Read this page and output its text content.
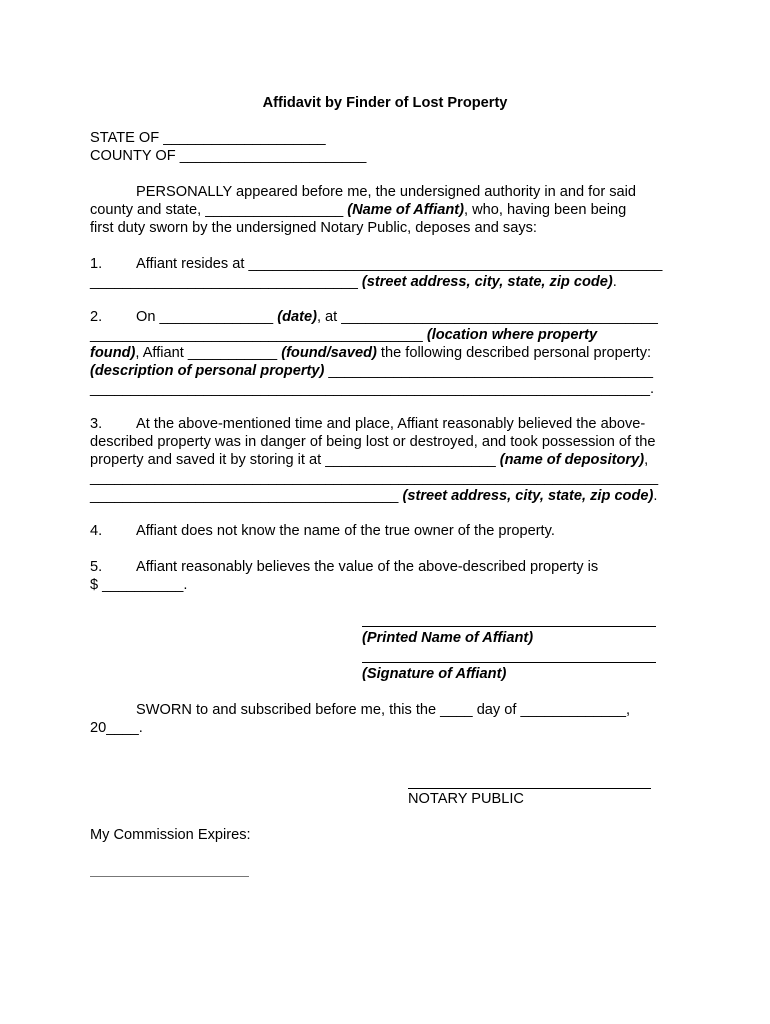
Affidavit by Finder of Lost Property
STATE OF ____________________
COUNTY OF _______________________
PERSONALLY appeared before me, the undersigned authority in and for said
county and state, _________________ (Name of Affiant), who, having been being
first duty sworn by the undersigned Notary Public, deposes and says:
1. Affiant resides at ___________________________________________________
_________________________________ (street address, city, state, zip code).
2. On ______________ (date), at _______________________________________
_________________________________________ (location where property
found), Affiant ___________ (found/saved) the following described personal property:
(description of personal property) ________________________________________
_____________________________________________________________________.
3. At the above-mentioned time and place, Affiant reasonably believed the above-
described property was in danger of being lost or destroyed, and took possession of the
property and saved it by storing it at _____________________ (name of depository),
______________________________________________________________________
______________________________________ (street address, city, state, zip code).
4. Affiant does not know the name of the true owner of the property.
5. Affiant reasonably believes the value of the above-described property is
$ __________.
(Printed Name of Affiant)
(Signature of Affiant)
SWORN to and subscribed before me, this the ____ day of _____________,
20____.
NOTARY PUBLIC
My Commission Expires:
